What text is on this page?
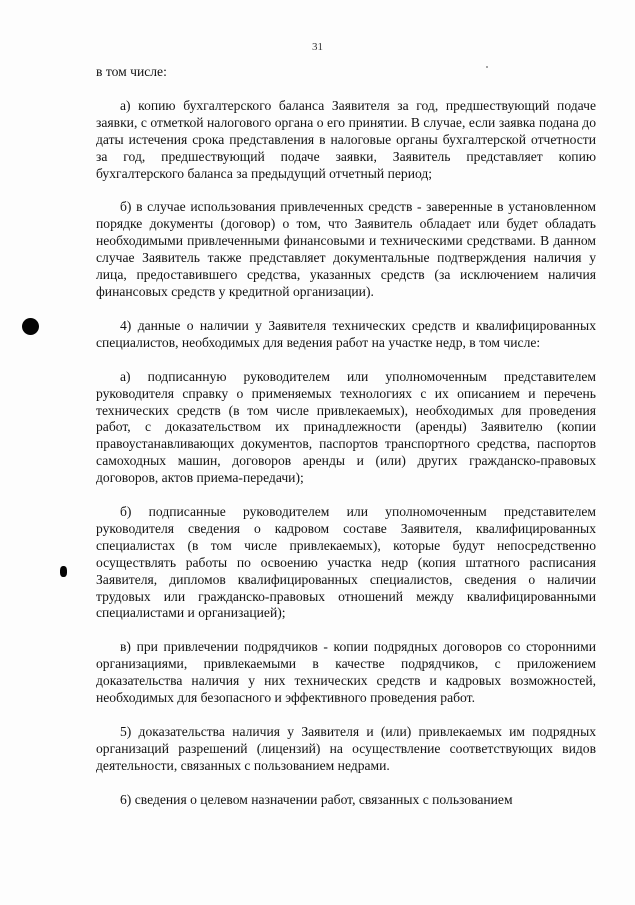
31

в том числе:

а) копию бухгалтерского баланса Заявителя за год, предшествующий подаче заявки, с отметкой налогового органа о его принятии. В случае, если заявка подана до даты истечения срока представления в налоговые органы бухгалтерской отчетности за год, предшествующий подаче заявки, Заявитель представляет копию бухгалтерского баланса за предыдущий отчетный период;

б) в случае использования привлеченных средств - заверенные в установленном порядке документы (договор) о том, что Заявитель обладает или будет обладать необходимыми привлеченными финансовыми и техническими средствами. В данном случае Заявитель также представляет документальные подтверждения наличия у лица, предоставившего средства, указанных средств (за исключением наличия финансовых средств у кредитной организации).

4) данные о наличии у Заявителя технических средств и квалифицированных специалистов, необходимых для ведения работ на участке недр, в том числе:

а) подписанную руководителем или уполномоченным представителем руководителя справку о применяемых технологиях с их описанием и перечень технических средств (в том числе привлекаемых), необходимых для проведения работ, с доказательством их принадлежности (аренды) Заявителю (копии правоустанавливающих документов, паспортов транспортного средства, паспортов самоходных машин, договоров аренды и (или) других гражданско-правовых договоров, актов приема-передачи);

б) подписанные руководителем или уполномоченным представителем руководителя сведения о кадровом составе Заявителя, квалифицированных специалистах (в том числе привлекаемых), которые будут непосредственно осуществлять работы по освоению участка недр (копия штатного расписания Заявителя, дипломов квалифицированных специалистов, сведения о наличии трудовых или гражданско-правовых отношений между квалифицированными специалистами и организацией);

в) при привлечении подрядчиков - копии подрядных договоров со сторонними организациями, привлекаемыми в качестве подрядчиков, с приложением доказательства наличия у них технических средств и кадровых возможностей, необходимых для безопасного и эффективного проведения работ.

5) доказательства наличия у Заявителя и (или) привлекаемых им подрядных организаций разрешений (лицензий) на осуществление соответствующих видов деятельности, связанных с пользованием недрами.

6) сведения о целевом назначении работ, связанных с пользованием
